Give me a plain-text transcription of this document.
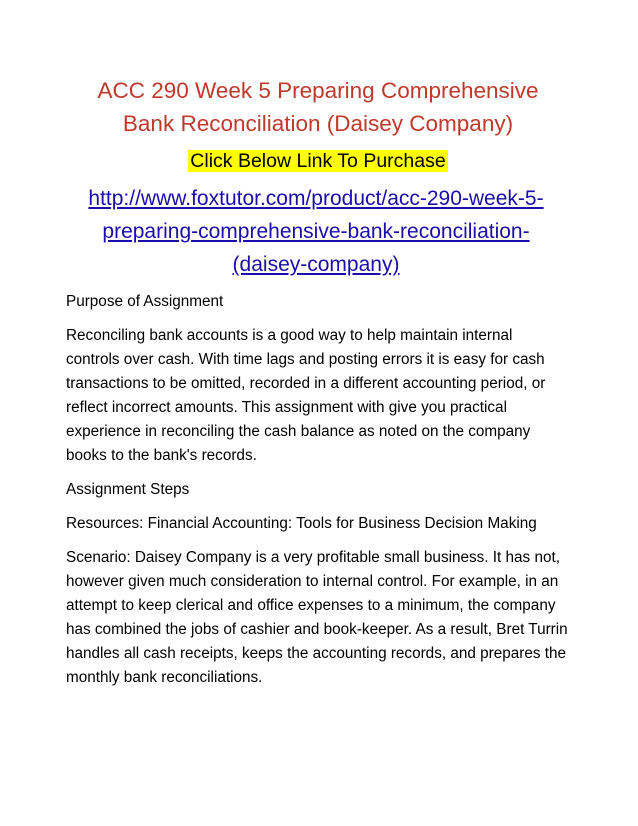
ACC 290 Week 5 Preparing Comprehensive
Bank Reconciliation (Daisey Company)
Click Below Link To Purchase
http://www.foxtutor.com/product/acc-290-week-5-
preparing-comprehensive-bank-reconciliation-
(daisey-company)

Purpose of Assignment

Reconciling bank accounts is a good way to help maintain internal controls over cash. With time lags and posting errors it is easy for cash transactions to be omitted, recorded in a different accounting period, or reflect incorrect amounts. This assignment with give you practical experience in reconciling the cash balance as noted on the company books to the bank's records.

Assignment Steps

Resources: Financial Accounting: Tools for Business Decision Making

Scenario: Daisey Company is a very profitable small business. It has not, however given much consideration to internal control. For example, in an attempt to keep clerical and office expenses to a minimum, the company has combined the jobs of cashier and book-keeper. As a result, Bret Turrin handles all cash receipts, keeps the accounting records, and prepares the monthly bank reconciliations.
